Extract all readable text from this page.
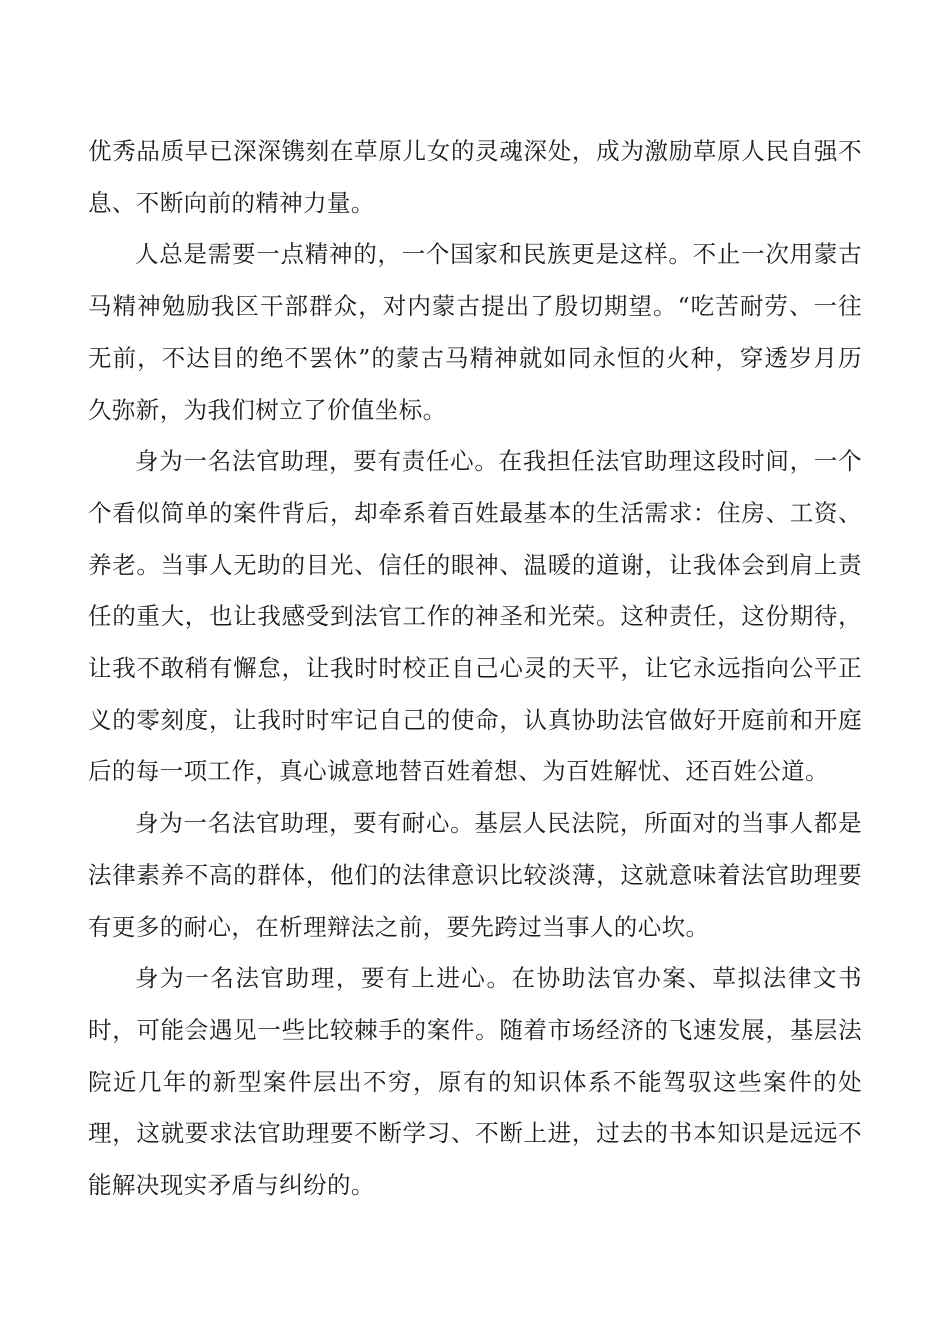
优秀品质早已深深镌刻在草原儿女的灵魂深处，成为激励草原人民自强不息、不断向前的精神力量。

人总是需要一点精神的，一个国家和民族更是这样。不止一次用蒙古马精神勉励我区干部群众，对内蒙古提出了殷切期望。“吃苦耐劳、一往无前，不达目的绝不罢休”的蒙古马精神就如同永恒的火种，穿透岁月历久弥新，为我们树立了价值坐标。

身为一名法官助理，要有责任心。在我担任法官助理这段时间，一个个看似简单的案件背后，却牵系着百姓最基本的生活需求：住房、工资、养老。当事人无助的目光、信任的眼神、温暖的道谢，让我体会到肩上责任的重大，也让我感受到法官工作的神圣和光荣。这种责任，这份期待，让我不敢稍有懈怠，让我时时校正自己心灵的天平，让它永远指向公平正义的零刻度，让我时时牢记自己的使命，认真协助法官做好开庭前和开庭后的每一项工作，真心诚意地替百姓着想、为百姓解忧、还百姓公道。

身为一名法官助理，要有耐心。基层人民法院，所面对的当事人都是法律素养不高的群体，他们的法律意识比较淡薄，这就意味着法官助理要有更多的耐心，在析理辩法之前，要先跨过当事人的心坎。

身为一名法官助理，要有上进心。在协助法官办案、草拟法律文书时，可能会遇见一些比较棘手的案件。随着市场经济的飞速发展，基层法院近几年的新型案件层出不穷，原有的知识体系不能驾驭这些案件的处理，这就要求法官助理要不断学习、不断上进，过去的书本知识是远远不能解决现实矛盾与纠纷的。
